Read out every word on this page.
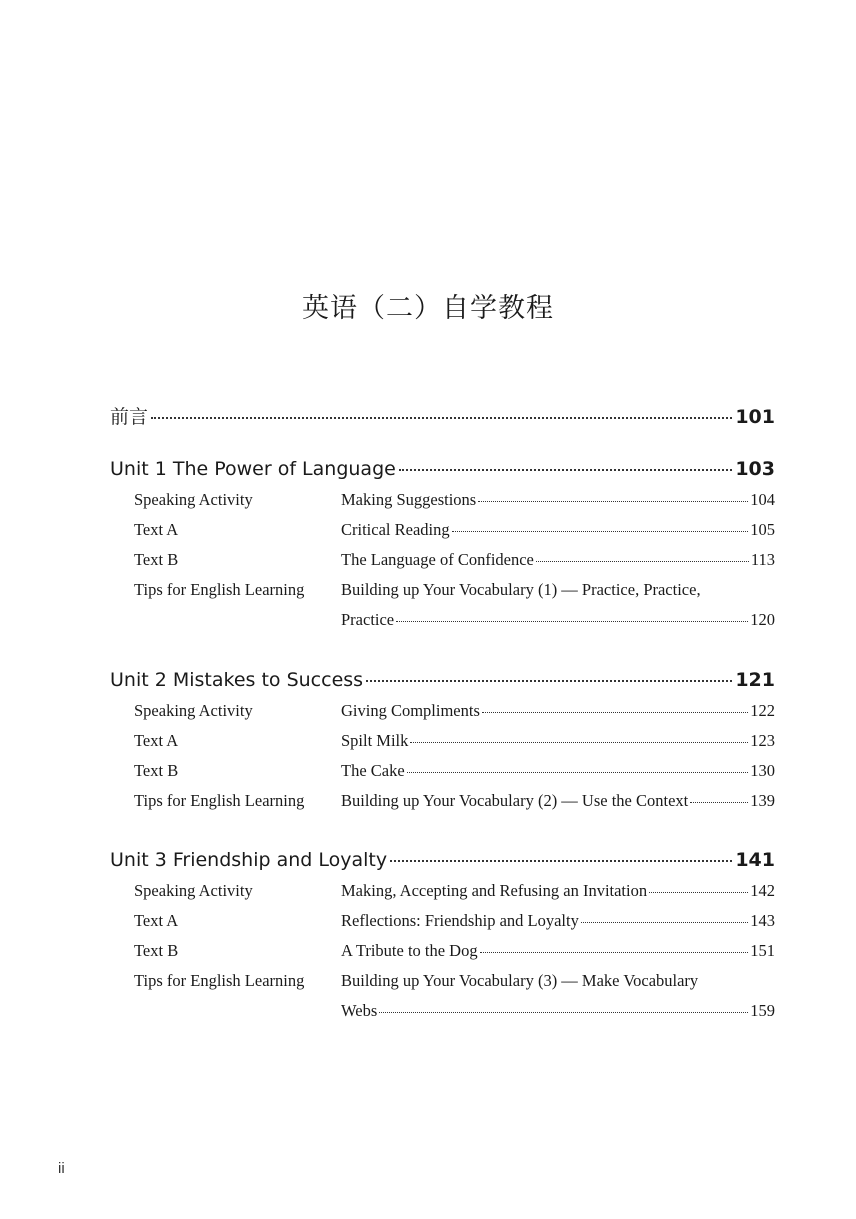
英语（二）自学教程
前言	101
Unit 1 The Power of Language	103
Speaking Activity	Making Suggestions	104
Text A	Critical Reading	105
Text B	The Language of Confidence	113
Tips for English Learning Building up Your Vocabulary (1) — Practice, Practice,
Practice	120
Unit 2 Mistakes to Success	121
Speaking Activity	Giving Compliments	122
Text A	Spilt Milk	123
Text B	The Cake	130
Tips for English Learning Building up Your Vocabulary (2) — Use the Context	139
Unit 3 Friendship and Loyalty	141
Speaking Activity	Making, Accepting and Refusing an Invitation	142
Text A	Reflections: Friendship and Loyalty	143
Text B	A Tribute to the Dog	151
Tips for English Learning Building up Your Vocabulary (3) — Make Vocabulary
Webs	159
ii
